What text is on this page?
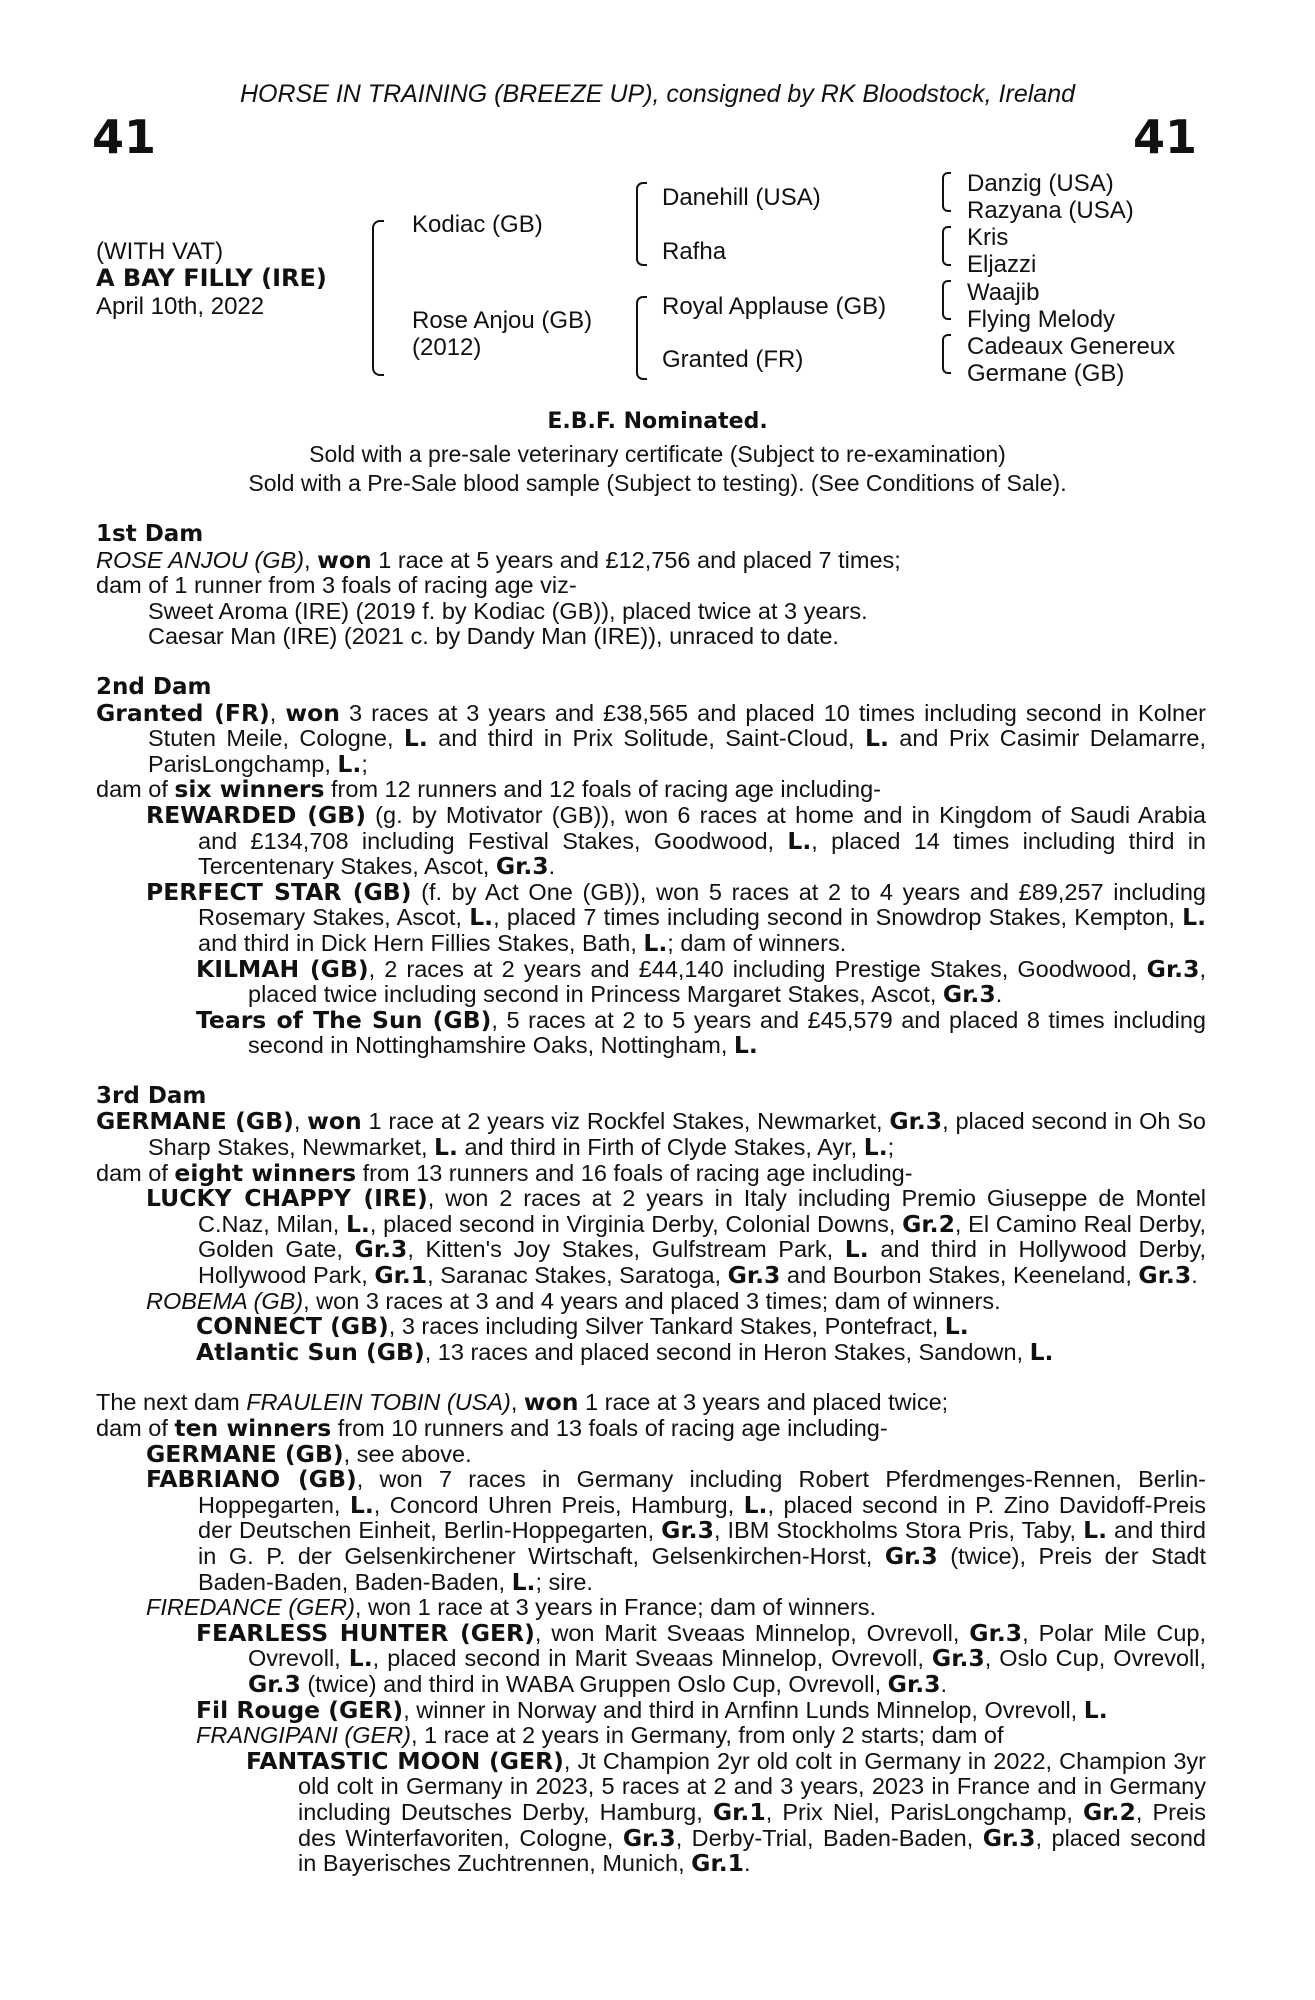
HORSE IN TRAINING (BREEZE UP), consigned by RK Bloodstock, Ireland
41	41
(WITH VAT)
A BAY FILLY (IRE)
April 10th, 2022
Kodiac (GB)
Rose Anjou (GB)
(2012)
Danehill (USA)
Rafha
Royal Applause (GB)
Granted (FR)
Danzig (USA)
Razyana (USA)
Kris
Eljazzi
Waajib
Flying Melody
Cadeaux Genereux
Germane (GB)
E.B.F. Nominated.
Sold with a pre-sale veterinary certificate (Subject to re-examination)
Sold with a Pre-Sale blood sample (Subject to testing). (See Conditions of Sale).

1st Dam

ROSE ANJOU (GB), won 1 race at 5 years and £12,756 and placed 7 times;

dam of 1 runner from 3 foals of racing age viz-

Sweet Aroma (IRE) (2019 f. by Kodiac (GB)), placed twice at 3 years.

Caesar Man (IRE) (2021 c. by Dandy Man (IRE)), unraced to date.

2nd Dam

Granted (FR), won 3 races at 3 years and £38,565 and placed 10 times including second in Kolner Stuten Meile, Cologne, L. and third in Prix Solitude, Saint-Cloud, L. and Prix Casimir Delamarre, ParisLongchamp, L.;

dam of six winners from 12 runners and 12 foals of racing age including-

REWARDED (GB) (g. by Motivator (GB)), won 6 races at home and in Kingdom of Saudi Arabia and £134,708 including Festival Stakes, Goodwood, L., placed 14 times including third in Tercentenary Stakes, Ascot, Gr.3.

PERFECT STAR (GB) (f. by Act One (GB)), won 5 races at 2 to 4 years and £89,257 including Rosemary Stakes, Ascot, L., placed 7 times including second in Snowdrop Stakes, Kempton, L. and third in Dick Hern Fillies Stakes, Bath, L.; dam of winners.

KILMAH (GB), 2 races at 2 years and £44,140 including Prestige Stakes, Goodwood, Gr.3, placed twice including second in Princess Margaret Stakes, Ascot, Gr.3.

Tears of The Sun (GB), 5 races at 2 to 5 years and £45,579 and placed 8 times including second in Nottinghamshire Oaks, Nottingham, L.

3rd Dam

GERMANE (GB), won 1 race at 2 years viz Rockfel Stakes, Newmarket, Gr.3, placed second in Oh So Sharp Stakes, Newmarket, L. and third in Firth of Clyde Stakes, Ayr, L.;

dam of eight winners from 13 runners and 16 foals of racing age including-

LUCKY CHAPPY (IRE), won 2 races at 2 years in Italy including Premio Giuseppe de Montel C.Naz, Milan, L., placed second in Virginia Derby, Colonial Downs, Gr.2, El Camino Real Derby, Golden Gate, Gr.3, Kitten's Joy Stakes, Gulfstream Park, L. and third in Hollywood Derby, Hollywood Park, Gr.1, Saranac Stakes, Saratoga, Gr.3 and Bourbon Stakes, Keeneland, Gr.3.

ROBEMA (GB), won 3 races at 3 and 4 years and placed 3 times; dam of winners.

CONNECT (GB), 3 races including Silver Tankard Stakes, Pontefract, L.

Atlantic Sun (GB), 13 races and placed second in Heron Stakes, Sandown, L.

The next dam FRAULEIN TOBIN (USA), won 1 race at 3 years and placed twice;

dam of ten winners from 10 runners and 13 foals of racing age including-

GERMANE (GB), see above.

FABRIANO (GB), won 7 races in Germany including Robert Pferdmenges-Rennen, Berlin-Hoppegarten, L., Concord Uhren Preis, Hamburg, L., placed second in P. Zino Davidoff-Preis der Deutschen Einheit, Berlin-Hoppegarten, Gr.3, IBM Stockholms Stora Pris, Taby, L. and third in G. P. der Gelsenkirchener Wirtschaft, Gelsenkirchen-Horst, Gr.3 (twice), Preis der Stadt Baden-Baden, Baden-Baden, L.; sire.

FIREDANCE (GER), won 1 race at 3 years in France; dam of winners.

FEARLESS HUNTER (GER), won Marit Sveaas Minnelop, Ovrevoll, Gr.3, Polar Mile Cup, Ovrevoll, L., placed second in Marit Sveaas Minnelop, Ovrevoll, Gr.3, Oslo Cup, Ovrevoll, Gr.3 (twice) and third in WABA Gruppen Oslo Cup, Ovrevoll, Gr.3.

Fil Rouge (GER), winner in Norway and third in Arnfinn Lunds Minnelop, Ovrevoll, L.

FRANGIPANI (GER), 1 race at 2 years in Germany, from only 2 starts; dam of

FANTASTIC MOON (GER), Jt Champion 2yr old colt in Germany in 2022, Champion 3yr old colt in Germany in 2023, 5 races at 2 and 3 years, 2023 in France and in Germany including Deutsches Derby, Hamburg, Gr.1, Prix Niel, ParisLongchamp, Gr.2, Preis des Winterfavoriten, Cologne, Gr.3, Derby-Trial, Baden-Baden, Gr.3, placed second in Bayerisches Zuchtrennen, Munich, Gr.1.
